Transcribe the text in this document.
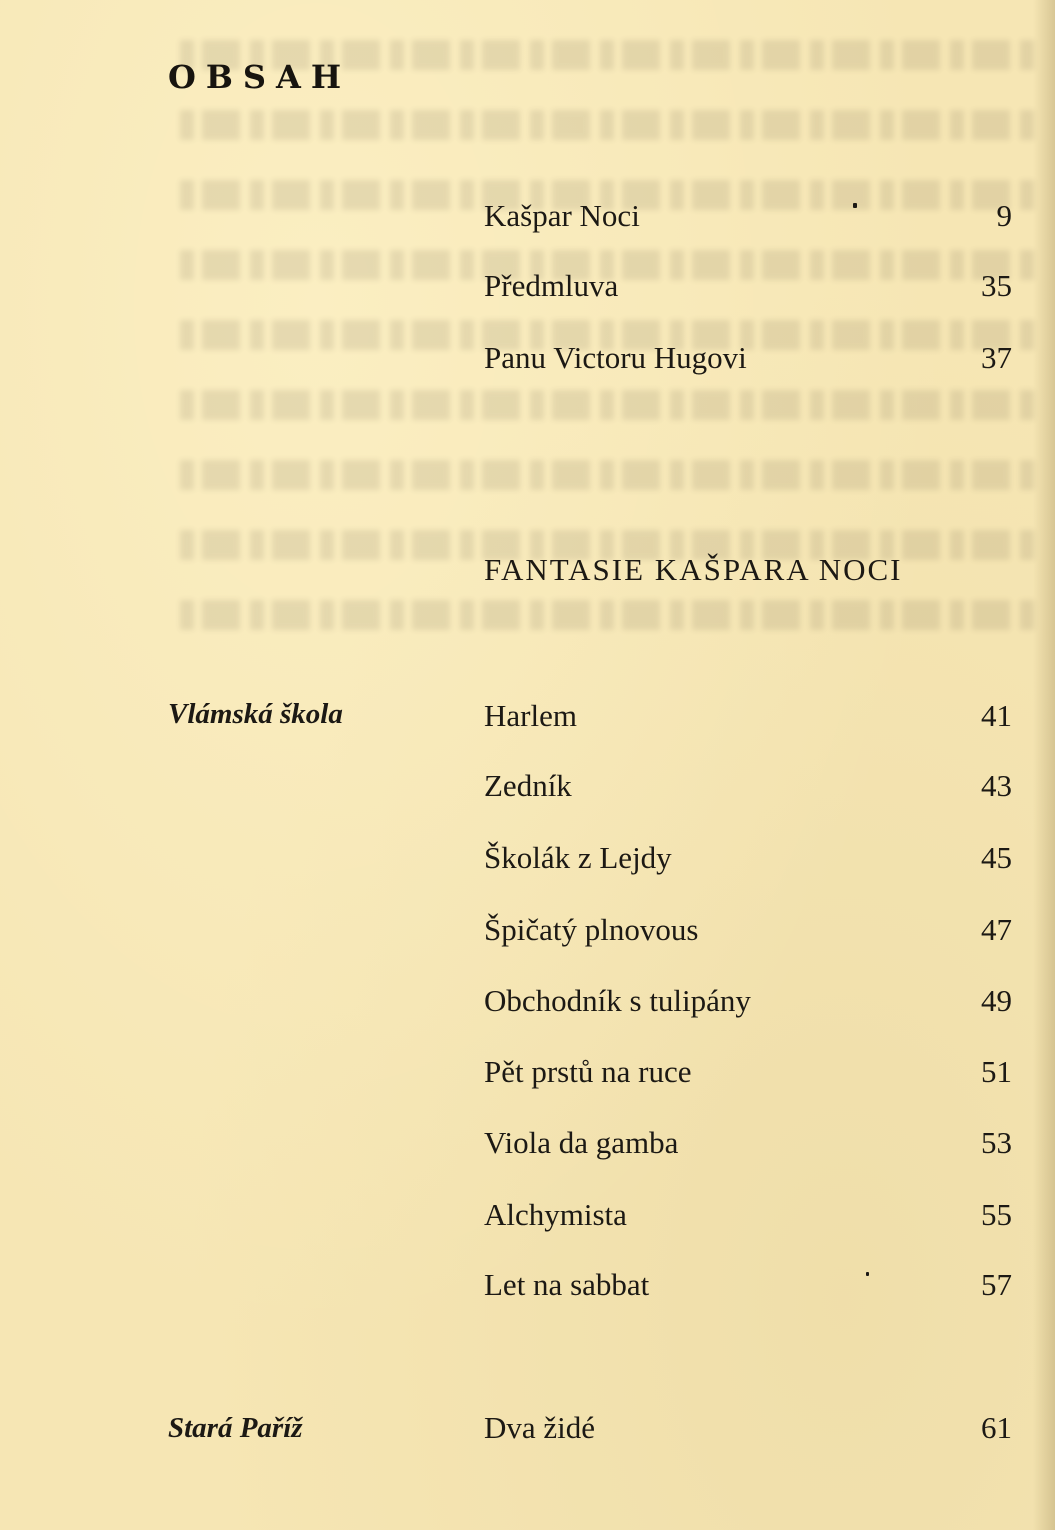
OBSAH
Kašpar Noci	9
Předmluva	35
Panu Victoru Hugovi	37
FANTASIE KAŠPARA NOCI
Vlámská škola	Harlem	41
Zedník	43
Školák z Lejdy	45
Špičatý plnovous	47
Obchodník s tulipány	49
Pět prstů na ruce	51
Viola da gamba	53
Alchymista	55
Let na sabbat	57
Stará Paříž	Dva židé	61
